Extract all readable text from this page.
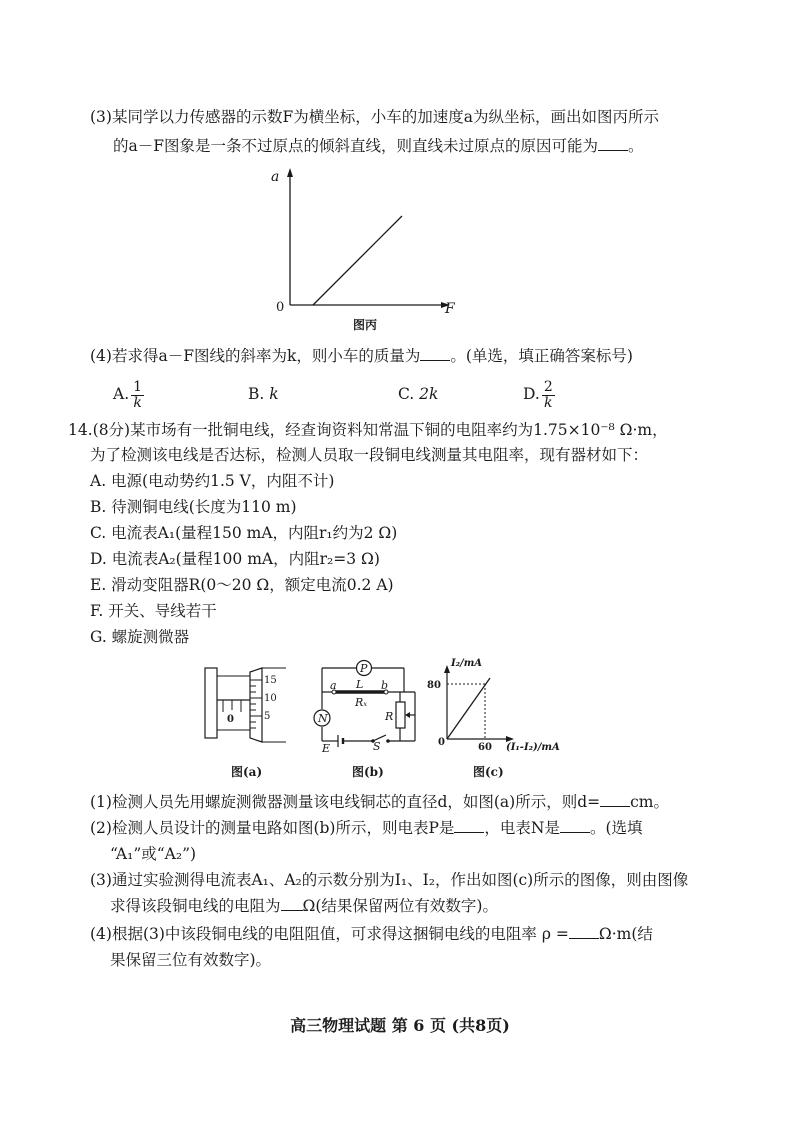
(3)某同学以力传感器的示数F为横坐标，小车的加速度a为纵坐标，画出如图丙所示
的a－F图象是一条不过原点的倾斜直线，则直线未过原点的原因可能为 。
a
F
0
图丙
(4)若求得a－F图线的斜率为k，则小车的质量为 。(单选，填正确答案标号)
A. $\frac{1}{k}$	B. k	C. 2k	D. $\frac{2}{k}$
14.(8分)某市场有一批铜电线，经查询资料知常温下铜的电阻率约为1.75×10⁻⁸ Ω·m，
为了检测该电线是否达标，检测人员取一段铜电线测量其电阻率，现有器材如下：
A. 电源(电动势约1.5 V，内阻不计)
B. 待测铜电线(长度为110 m)
C. 电流表A₁(量程150 mA，内阻r₁约为2 Ω)
D. 电流表A₂(量程100 mA，内阻r₂=3 Ω)
E. 滑动变阻器R(0～20 Ω，额定电流0.2 A)
F. 开关、导线若干
G. 螺旋测微器
15
10
5
0
图(a)
P
N
a L b
Rₓ
R
E	S
图(b)
I₂/mA
80
0	60 (I₁-I₂)/mA
图(c)
(1)检测人员先用螺旋测微器测量该电线铜芯的直径d，如图(a)所示，则d= cm。
(2)检测人员设计的测量电路如图(b)所示，则电表P是 ，电表N是 。(选填
“A₁”或“A₂”)
(3)通过实验测得电流表A₁、A₂的示数分别为I₁、I₂，作出如图(c)所示的图像，则由图像
求得该段铜电线的电阻为 Ω(结果保留两位有效数字)。
(4)根据(3)中该段铜电线的电阻阻值，可求得这捆铜电线的电阻率 ρ = Ω·m(结
果保留三位有效数字)。
高三物理试题 第 6 页 (共8页)
